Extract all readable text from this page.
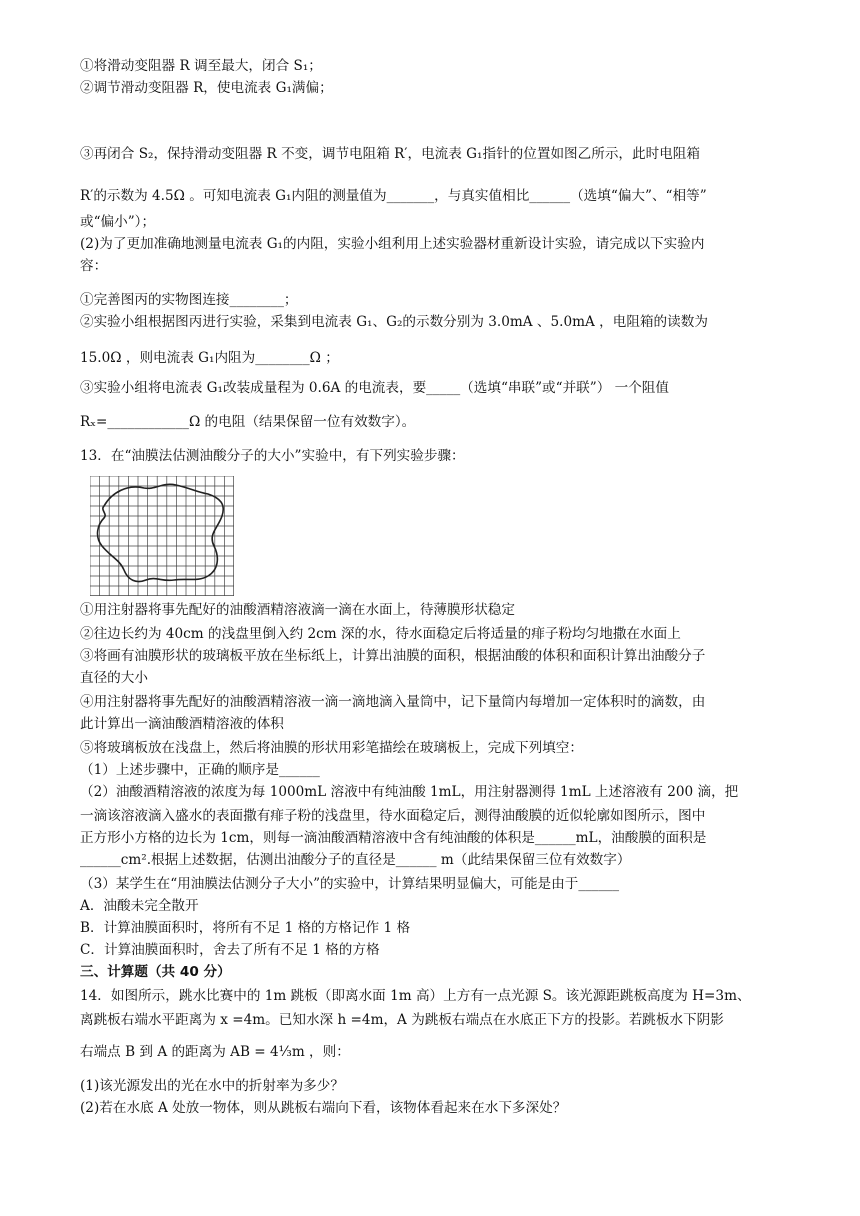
①将滑动变阻器 R 调至最大，闭合 S₁；
②调节滑动变阻器 R，使电流表 G₁满偏；
③再闭合 S₂，保持滑动变阻器 R 不变，调节电阻箱 R′，电流表 G₁指针的位置如图乙所示，此时电阻箱
R′的示数为 4.5Ω 。可知电流表 G₁内阻的测量值为_______，与真实值相比______（选填“偏大”、“相等”
或“偏小”）；
(2)为了更加准确地测量电流表 G₁的内阻，实验小组利用上述实验器材重新设计实验，请完成以下实验内
容：
①完善图丙的实物图连接________；
②实验小组根据图丙进行实验，采集到电流表 G₁、G₂的示数分别为 3.0mA 、5.0mA ，电阻箱的读数为
15.0Ω ，则电流表 G₁内阻为________Ω ；
③实验小组将电流表 G₁改装成量程为 0.6A 的电流表，要_____（选填“串联”或“并联”） 一个阻值
Rₓ=____________Ω 的电阻（结果保留一位有效数字）。
13．在“油膜法估测油酸分子的大小”实验中，有下列实验步骤：
①用注射器将事先配好的油酸酒精溶液滴一滴在水面上，待薄膜形状稳定
②往边长约为 40cm 的浅盘里倒入约 2cm 深的水，待水面稳定后将适量的痱子粉均匀地撒在水面上
③将画有油膜形状的玻璃板平放在坐标纸上，计算出油膜的面积，根据油酸的体积和面积计算出油酸分子
直径的大小
④用注射器将事先配好的油酸酒精溶液一滴一滴地滴入量筒中，记下量筒内每增加一定体积时的滴数，由
此计算出一滴油酸酒精溶液的体积
⑤将玻璃板放在浅盘上，然后将油膜的形状用彩笔描绘在玻璃板上，完成下列填空：
（1）上述步骤中，正确的顺序是______
（2）油酸酒精溶液的浓度为每 1000mL 溶液中有纯油酸 1mL，用注射器测得 1mL 上述溶液有 200 滴，把
一滴该溶液滴入盛水的表面撒有痱子粉的浅盘里，待水面稳定后，测得油酸膜的近似轮廓如图所示，图中
正方形小方格的边长为 1cm，则每一滴油酸酒精溶液中含有纯油酸的体积是______mL，油酸膜的面积是
______cm².根据上述数据，估测出油酸分子的直径是______ m（此结果保留三位有效数字）
（3）某学生在“用油膜法估测分子大小”的实验中，计算结果明显偏大，可能是由于______
A．油酸未完全散开
B．计算油膜面积时，将所有不足 1 格的方格记作 1 格
C．计算油膜面积时，舍去了所有不足 1 格的方格
三、计算题（共 40 分）
14．如图所示，跳水比赛中的 1m 跳板（即离水面 1m 高）上方有一点光源 S。该光源距跳板高度为 H=3m、
离跳板右端水平距离为 x =4m。已知水深 h =4m，A 为跳板右端点在水底正下方的投影。若跳板水下阴影
右端点 B 到 A 的距离为 AB = 4⅓m ，则：
(1)该光源发出的光在水中的折射率为多少？
(2)若在水底 A 处放一物体，则从跳板右端向下看，该物体看起来在水下多深处？
